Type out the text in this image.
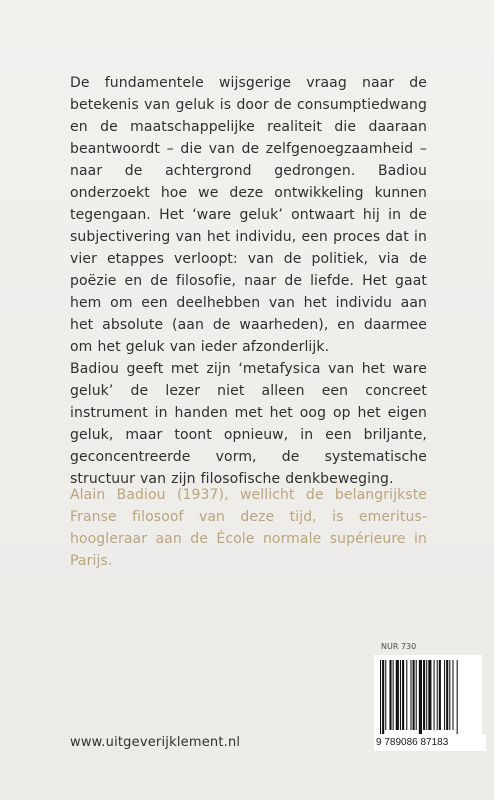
De fundamentele wijsgerige vraag naar de betekenis van geluk is door de consumptiedwang en de maatschappelijke realiteit die daaraan beantwoordt – die van de zelfgenoegzaamheid – naar de achtergrond gedrongen. Badiou onderzoekt hoe we deze ontwikkeling kunnen tegengaan. Het ‘ware geluk’ ontwaart hij in de subjectivering van het individu, een proces dat in vier etappes verloopt: van de politiek, via de poëzie en de filosofie, naar de liefde. Het gaat hem om een deelhebben van het individu aan het absolute (aan de waarheden), en daarmee om het geluk van ieder afzonderlijk.

Badiou geeft met zijn ‘metafysica van het ware geluk’ de lezer niet alleen een concreet instrument in handen met het oog op het eigen geluk, maar toont opnieuw, in een briljante, geconcentreerde vorm, de systematische structuur van zijn filosofische denkbeweging.

Alain Badiou (1937), wellicht de belangrijkste Franse filosoof van deze tijd, is emeritus-hoogleraar aan de École normale supérieure in Parijs.
NUR 730
9 789086 87183
www.uitgeverijklement.nl
